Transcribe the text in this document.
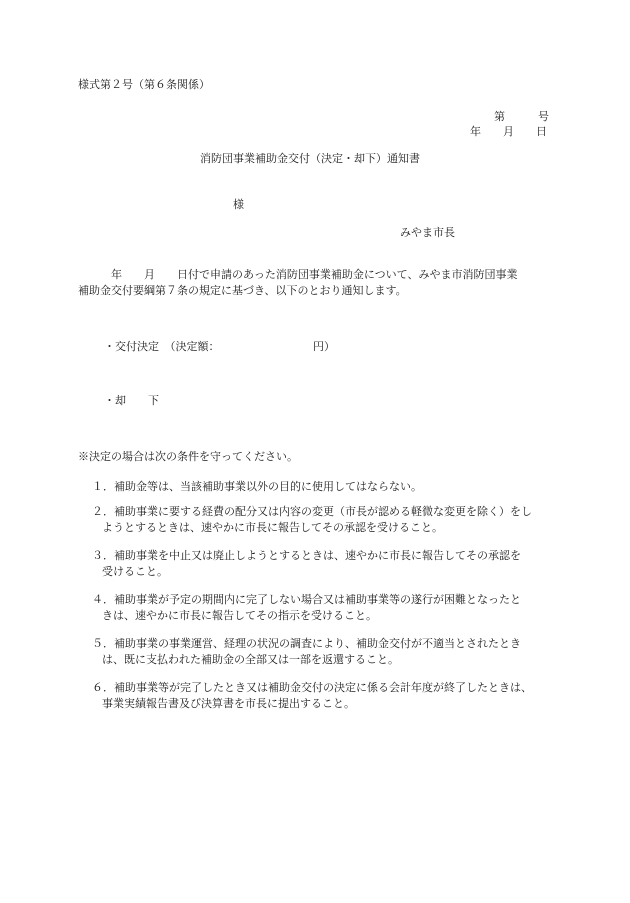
様式第２号（第６条関係）
第　　　号
年　　月　　日
消防団事業補助金交付（決定・却下）通知書
様
みやま市長
　　　年　　月　　日付で申請のあった消防団事業補助金について、みやま市消防団事業
補助金交付要綱第７条の規定に基づき、以下のとおり通知します。
・交付決定　（決定額：　　　　　　　　　円）
・却　　下
※決定の場合は次の条件を守ってください。
１．補助金等は、当該補助事業以外の目的に使用してはならない。
２．補助事業に要する経費の配分又は内容の変更（市長が認める軽微な変更を除く）をし
ようとするときは、速やかに市長に報告してその承認を受けること。
３．補助事業を中止又は廃止しようとするときは、速やかに市長に報告してその承認を
受けること。
４．補助事業が予定の期間内に完了しない場合又は補助事業等の遂行が困難となったと
きは、速やかに市長に報告してその指示を受けること。
５．補助事業の事業運営、経理の状況の調査により、補助金交付が不適当とされたとき
は、既に支払われた補助金の全部又は一部を返還すること。
６．補助事業等が完了したとき又は補助金交付の決定に係る会計年度が終了したときは、
事業実績報告書及び決算書を市長に提出すること。
